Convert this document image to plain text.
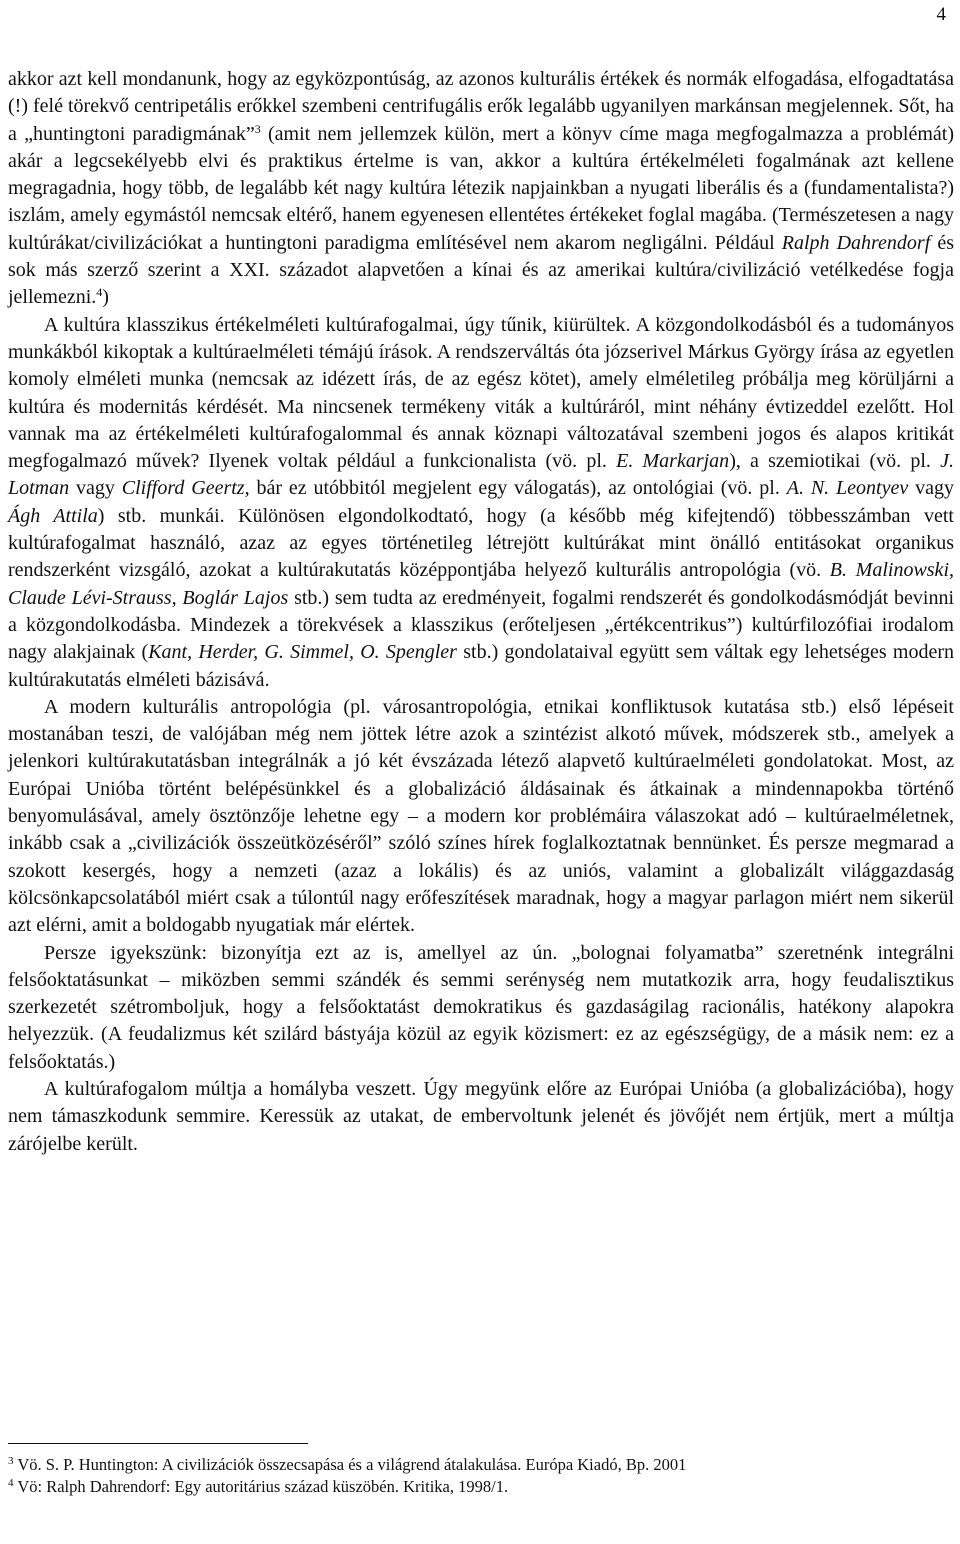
4

akkor azt kell mondanunk, hogy az egyközpontúság, az azonos kulturális értékek és normák elfogadása, elfogadtatása (!) felé törekvő centripetális erőkkel szembeni centrifugális erők legalább ugyanilyen markánsan megjelennek. Sőt, ha a „huntingtoni paradigmának”$^3$ (amit nem jellemzek külön, mert a könyv címe maga megfogalmazza a problémát) akár a legcsekélyebb elvi és praktikus értelme is van, akkor a kultúra értékelméleti fogalmának azt kellene megragadnia, hogy több, de legalább két nagy kultúra létezik napjainkban a nyugati liberális és a (fundamentalista?) iszlám, amely egymástól nemcsak eltérő, hanem egyenesen ellentétes értékeket foglal magába. (Természetesen a nagy kultúrákat/civilizációkat a huntingtoni paradigma említésével nem akarom negligálni. Például Ralph Dahrendorf és sok más szerző szerint a XXI. századot alapvetően a kínai és az amerikai kultúra/civilizáció vetélkedése fogja jellemezni.$^4$)

A kultúra klasszikus értékelméleti kultúrafogalmai, úgy tűnik, kiürültek. A közgondolkodásból és a tudományos munkákból kikoptak a kultúraelméleti témájú írások. A rendszerváltás óta józserivel Márkus György írása az egyetlen komoly elméleti munka (nemcsak az idézett írás, de az egész kötet), amely elméletileg próbálja meg körüljárni a kultúra és modernitás kérdését. Ma nincsenek termékeny viták a kultúráról, mint néhány évtizeddel ezelőtt. Hol vannak ma az értékelméleti kultúrafogalommal és annak köznapi változatával szembeni jogos és alapos kritikát megfogalmazó művek? Ilyenek voltak például a funkcionalista (vö. pl. E. Markarjan), a szemiotikai (vö. pl. J. Lotman vagy Clifford Geertz, bár ez utóbbitól megjelent egy válogatás), az ontológiai (vö. pl. A. N. Leontyev vagy Ágh Attila) stb. munkái. Különösen elgondolkodtató, hogy (a később még kifejtendő) többesszámban vett kultúrafogalmat használó, azaz az egyes történetileg létrejött kultúrákat mint önálló entitásokat organikus rendszerként vizsgáló, azokat a kultúrakutatás középpontjába helyező kulturális antropológia (vö. B. Malinowski, Claude Lévi-Strauss, Boglár Lajos stb.) sem tudta az eredményeit, fogalmi rendszerét és gondolkodásmódját bevinni a közgondolkodásba. Mindezek a törekvések a klasszikus (erőteljesen „értékcentrikus”) kultúrfilozófiai irodalom nagy alakjainak (Kant, Herder, G. Simmel, O. Spengler stb.) gondolataival együtt sem váltak egy lehetséges modern kultúrakutatás elméleti bázisává.

A modern kulturális antropológia (pl. városantropológia, etnikai konfliktusok kutatása stb.) első lépéseit mostanában teszi, de valójában még nem jöttek létre azok a szintézist alkotó művek, módszerek stb., amelyek a jelenkori kultúrakutatásban integrálnák a jó két évszázada létező alapvető kultúraelméleti gondolatokat. Most, az Európai Unióba történt belépésünkkel és a globalizáció áldásainak és átkainak a mindennapokba történő benyomulásával, amely ösztönzője lehetne egy – a modern kor problémáira válaszokat adó – kultúraelméletnek, inkább csak a „civilizációk összeütközéséről” szóló színes hírek foglalkoztatnak bennünket. És persze megmarad a szokott kesergés, hogy a nemzeti (azaz a lokális) és az uniós, valamint a globalizált világgazdaság kölcsönkapcsolatából miért csak a túlontúl nagy erőfeszítések maradnak, hogy a magyar parlagon miért nem sikerül azt elérni, amit a boldogabb nyugatiak már elértek.

Persze igyekszünk: bizonyítja ezt az is, amellyel az ún. „bolognai folyamatba” szeretnénk integrálni felsőoktatásunkat – miközben semmi szándék és semmi serénység nem mutatkozik arra, hogy feudalisztikus szerkezetét szétromboljuk, hogy a felsőoktatást demokratikus és gazdaságilag racionális, hatékony alapokra helyezzük. (A feudalizmus két szilárd bástyája közül az egyik közismert: ez az egészségügy, de a másik nem: ez a felsőoktatás.)

A kultúrafogalom múltja a homályba veszett. Úgy megyünk előre az Európai Unióba (a globalizációba), hogy nem támaszkodunk semmire. Keressük az utakat, de embervoltunk jelenét és jövőjét nem értjük, mert a múltja zárójelbe került.

$^3$ Vö. S. P. Huntington: A civilizációk összecsapása és a világrend átalakulása. Európa Kiadó, Bp. 2001

$^4$ Vö: Ralph Dahrendorf: Egy autoritárius század küszöbén. Kritika, 1998/1.
